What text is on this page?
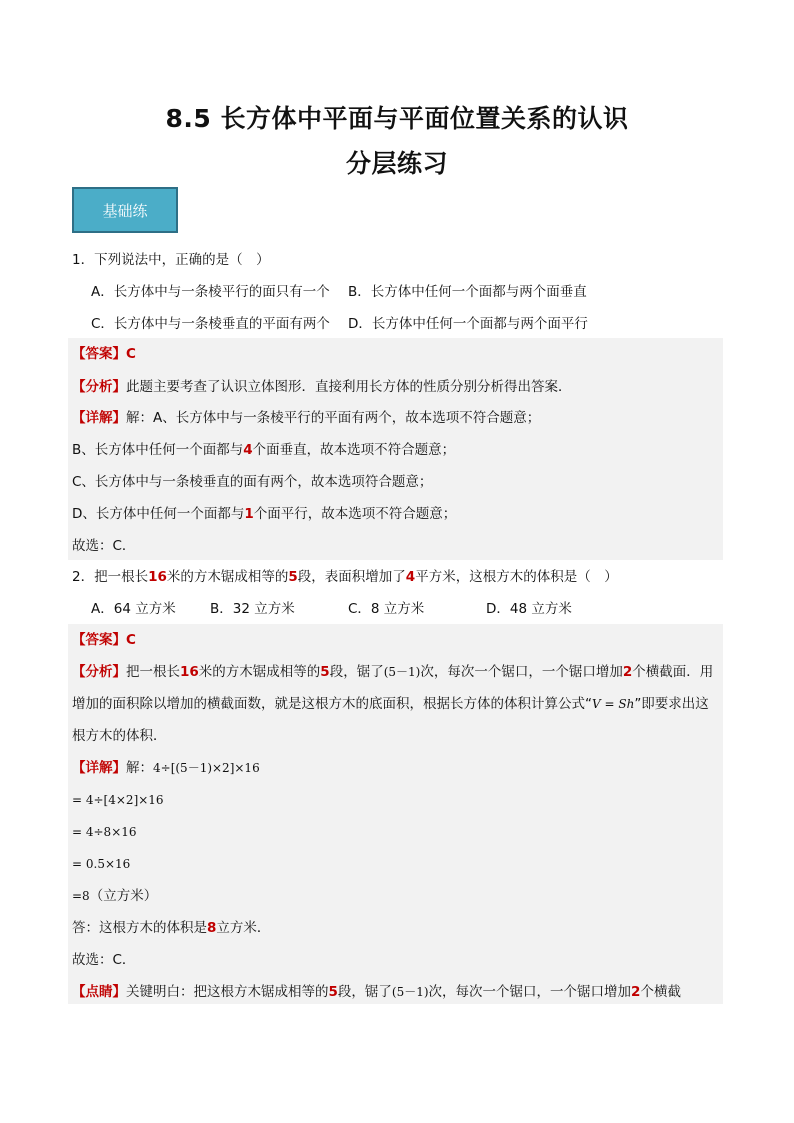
8.5 长方体中平面与平面位置关系的认识
分层练习
基础练
1．下列说法中，正确的是（　）
A．长方体中与一条棱平行的面只有一个 B．长方体中任何一个面都与两个面垂直
C．长方体中与一条棱垂直的平面有两个 D．长方体中任何一个面都与两个面平行
【答案】C
【分析】此题主要考查了认识立体图形．直接利用长方体的性质分别分析得出答案．
【详解】解：A、长方体中与一条棱平行的平面有两个，故本选项不符合题意；
B、长方体中任何一个面都与4个面垂直，故本选项不符合题意；
C、长方体中与一条棱垂直的面有两个，故本选项符合题意；
D、长方体中任何一个面都与1个面平行，故本选项不符合题意；
故选：C．
2．把一根长16米的方木锯成相等的5段，表面积增加了4平方米，这根方木的体积是（　）
A．64 立方米	B．32 立方米	C．8 立方米	D．48 立方米
【答案】C
【分析】把一根长16米的方木锯成相等的5段，锯了(5－1)次，每次一个锯口，一个锯口增加2个横截面．用
增加的面积除以增加的横截面数，就是这根方木的底面积，根据长方体的体积计算公式“V = Sh”即要求出这
根方木的体积．
【详解】解：4÷[(5－1)×2]×16
= 4÷[4×2]×16
= 4÷8×16
= 0.5×16
=8（立方米）
答：这根方木的体积是8立方米．
故选：C．
【点睛】关键明白：把这根方木锯成相等的5段，锯了(5－1)次，每次一个锯口，一个锯口增加2个横截
